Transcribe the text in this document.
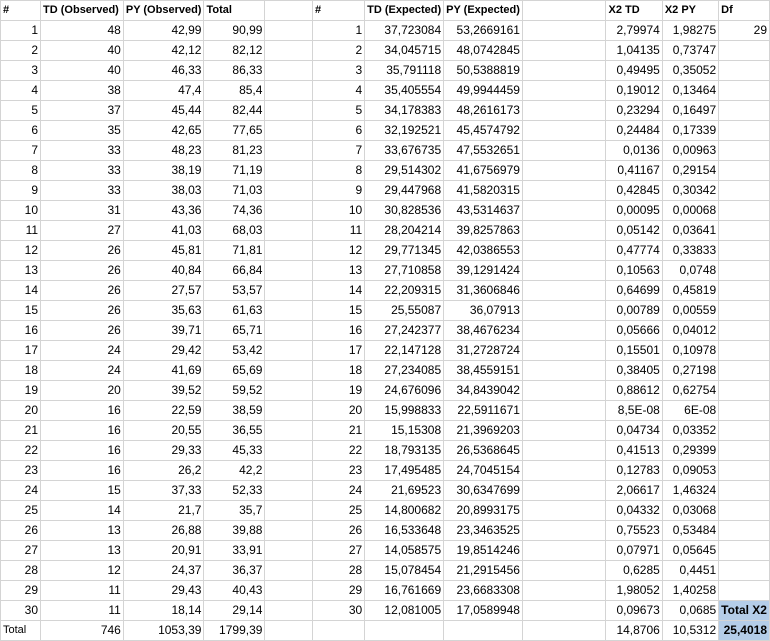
#	TD (Observed)	PY (Observed)	Total		#	TD (Expected)	PY (Expected)		X2 TD	X2 PY	Df
1	48	42,99	90,99		1	37,723084	53,2669161		2,79974	1,98275	29
2	40	42,12	82,12		2	34,045715	48,0742845		1,04135	0,73747	
3	40	46,33	86,33		3	35,791118	50,5388819		0,49495	0,35052	
4	38	47,4	85,4		4	35,405554	49,9944459		0,19012	0,13464	
5	37	45,44	82,44		5	34,178383	48,2616173		0,23294	0,16497	
6	35	42,65	77,65		6	32,192521	45,4574792		0,24484	0,17339	
7	33	48,23	81,23		7	33,676735	47,5532651		0,0136	0,00963	
8	33	38,19	71,19		8	29,514302	41,6756979		0,41167	0,29154	
9	33	38,03	71,03		9	29,447968	41,5820315		0,42845	0,30342	
10	31	43,36	74,36		10	30,828536	43,5314637		0,00095	0,00068	
11	27	41,03	68,03		11	28,204214	39,8257863		0,05142	0,03641	
12	26	45,81	71,81		12	29,771345	42,0386553		0,47774	0,33833	
13	26	40,84	66,84		13	27,710858	39,1291424		0,10563	0,0748	
14	26	27,57	53,57		14	22,209315	31,3606846		0,64699	0,45819	
15	26	35,63	61,63		15	25,55087	36,07913		0,00789	0,00559	
16	26	39,71	65,71		16	27,242377	38,4676234		0,05666	0,04012	
17	24	29,42	53,42		17	22,147128	31,2728724		0,15501	0,10978	
18	24	41,69	65,69		18	27,234085	38,4559151		0,38405	0,27198	
19	20	39,52	59,52		19	24,676096	34,8439042		0,88612	0,62754	
20	16	22,59	38,59		20	15,998833	22,5911671		8,5E-08	6E-08	
21	16	20,55	36,55		21	15,15308	21,3969203		0,04734	0,03352	
22	16	29,33	45,33		22	18,793135	26,5368645		0,41513	0,29399	
23	16	26,2	42,2		23	17,495485	24,7045154		0,12783	0,09053	
24	15	37,33	52,33		24	21,69523	30,6347699		2,06617	1,46324	
25	14	21,7	35,7		25	14,800682	20,8993175		0,04332	0,03068	
26	13	26,88	39,88		26	16,533648	23,3463525		0,75523	0,53484	
27	13	20,91	33,91		27	14,058575	19,8514246		0,07971	0,05645	
28	12	24,37	36,37		28	15,078454	21,2915456		0,6285	0,4451	
29	11	29,43	40,43		29	16,761669	23,6683308		1,98052	1,40258	
30	11	18,14	29,14		30	12,081005	17,0589948		0,09673	0,0685	Total X2
Total	746	1053,39	1799,39						14,8706	10,5312	25,4018
